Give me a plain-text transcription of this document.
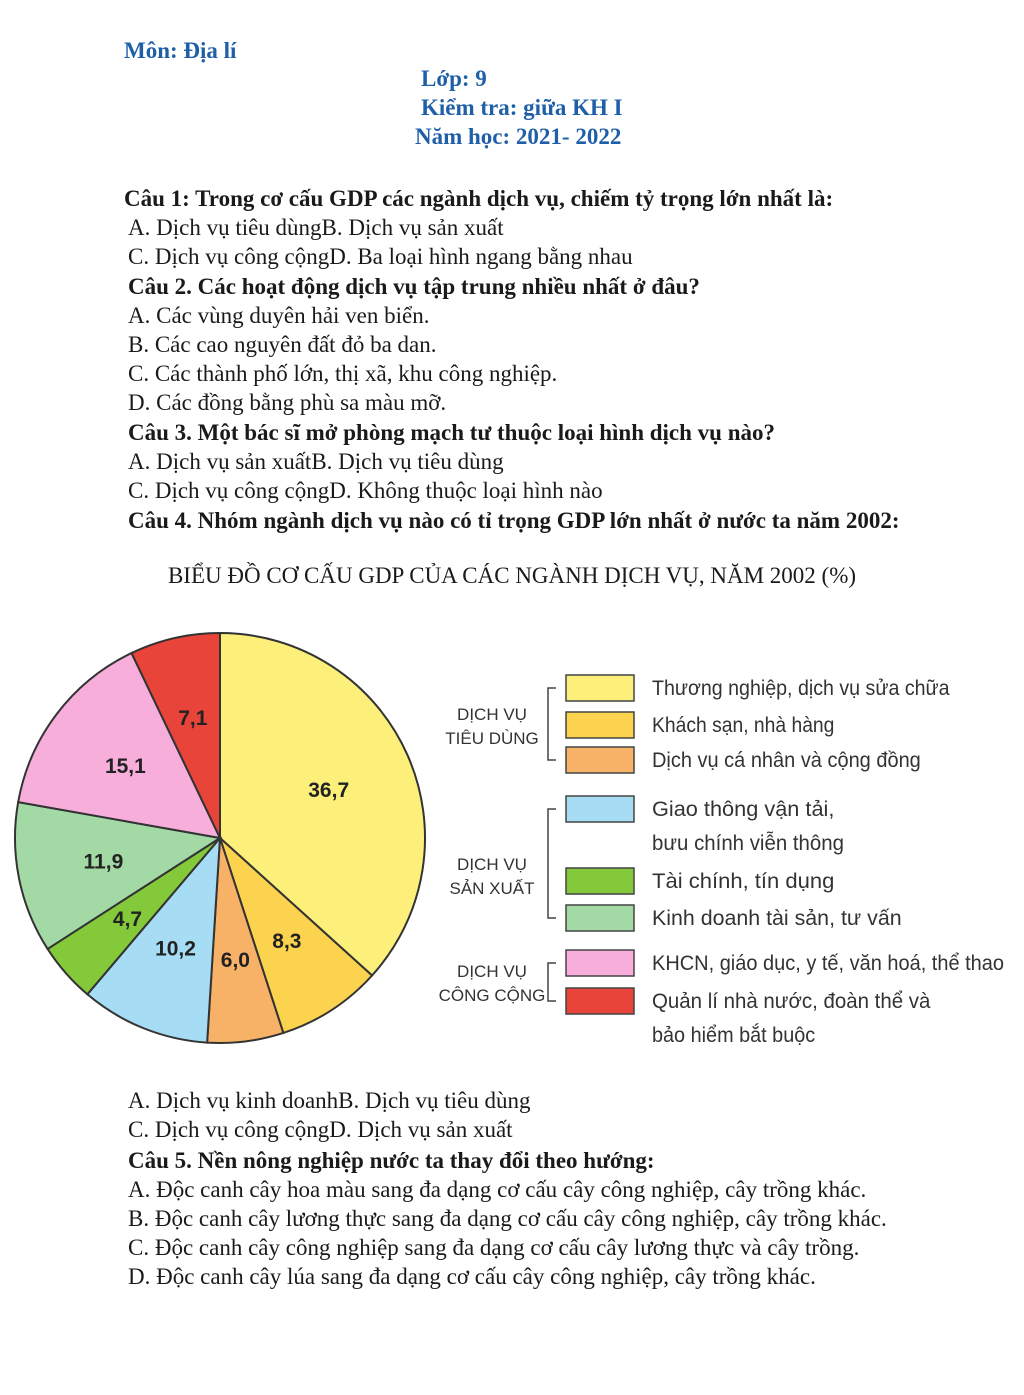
Môn: Địa lí
Lớp: 9
Kiểm tra: giữa KH I
Năm học: 2021- 2022
Câu 1: Trong cơ cấu GDP các ngành dịch vụ, chiếm tỷ trọng lớn nhất là:
A. Dịch vụ tiêu dùngB. Dịch vụ sản xuất
C. Dịch vụ công cộngD. Ba loại hình ngang bằng nhau
Câu 2. Các hoạt động dịch vụ tập trung nhiều nhất ở đâu?
A. Các vùng duyên hải ven biển.
B. Các cao nguyên đất đỏ ba dan.
C. Các thành phố lớn, thị xã, khu công nghiệp.
D. Các đồng bằng phù sa màu mỡ.
Câu 3. Một bác sĩ mở phòng mạch tư thuộc loại hình dịch vụ nào?
A. Dịch vụ sản xuấtB. Dịch vụ tiêu dùng
C. Dịch vụ công cộngD. Không thuộc loại hình nào
Câu 4. Nhóm ngành dịch vụ nào có tỉ trọng GDP lớn nhất ở nước ta năm 2002:
BIỂU ĐỒ CƠ CẤU GDP CỦA CÁC NGÀNH DỊCH VỤ, NĂM 2002 (%)
36,7
8,3
6,0
10,2
4,7
11,9
15,1
7,1	DỊCH VỤ
TIÊU DÙNG
Thương nghiệp, dịch vụ sửa chữa
Khách sạn, nhà hàng
Dịch vụ cá nhân và cộng đồng
DỊCH VỤ
SẢN XUẤT
Giao thông vận tải,
bưu chính viễn thông
Tài chính, tín dụng
Kinh doanh tài sản, tư vấn
DỊCH VỤ
CÔNG CỘNG
KHCN, giáo dục, y tế, văn hoá, thể thao
Quản lí nhà nước, đoàn thể và
bảo hiểm bắt buộc
A. Dịch vụ kinh doanhB. Dịch vụ tiêu dùng
C. Dịch vụ công cộngD. Dịch vụ sản xuất
Câu 5. Nền nông nghiệp nước ta thay đổi theo hướng:
A. Độc canh cây hoa màu sang đa dạng cơ cấu cây công nghiệp, cây trồng khác.
B. Độc canh cây lương thực sang đa dạng cơ cấu cây công nghiệp, cây trồng khác.
C. Độc canh cây công nghiệp sang đa dạng cơ cấu cây lương thực và cây trồng.
D. Độc canh cây lúa sang đa dạng cơ cấu cây công nghiệp, cây trồng khác.
